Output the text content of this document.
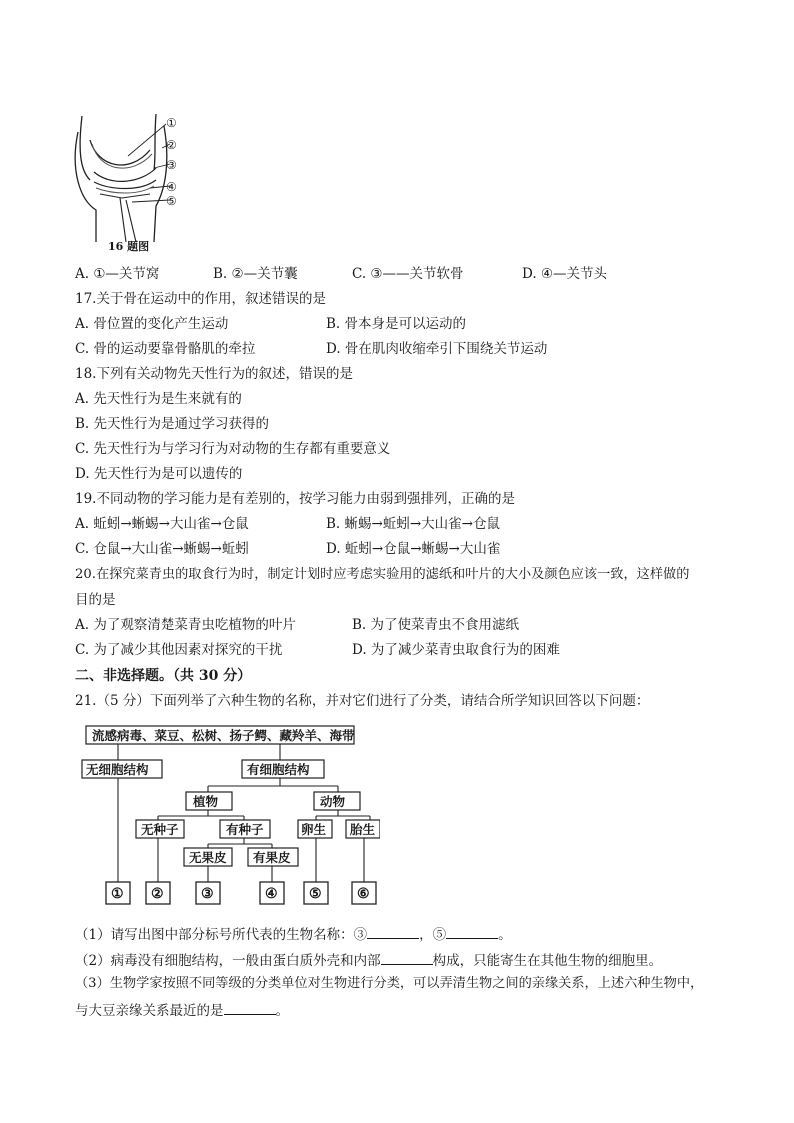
①
②
③
④
⑤
16 题图
A. ①—关节窝	B. ②—关节囊	C. ③——关节软骨	D. ④—关节头
17.关于骨在运动中的作用，叙述错误的是
A. 骨位置的变化产生运动	B. 骨本身是可以运动的
C. 骨的运动要靠骨骼肌的牵拉	D. 骨在肌肉收缩牵引下围绕关节运动
18.下列有关动物先天性行为的叙述，错误的是
A. 先天性行为是生来就有的
B. 先天性行为是通过学习获得的
C. 先天性行为与学习行为对动物的生存都有重要意义
D. 先天性行为是可以遗传的
19.不同动物的学习能力是有差别的，按学习能力由弱到强排列，正确的是
A. 蚯蚓→蜥蜴→大山雀→仓鼠	B. 蜥蜴→蚯蚓→大山雀→仓鼠
C. 仓鼠→大山雀→蜥蜴→蚯蚓	D. 蚯蚓→仓鼠→蜥蜴→大山雀
20.在探究菜青虫的取食行为时，制定计划时应考虑实验用的滤纸和叶片的大小及颜色应该一致，这样做的
目的是
A. 为了观察清楚菜青虫吃植物的叶片	B. 为了使菜青虫不食用滤纸
C. 为了减少其他因素对探究的干扰	D. 为了减少菜青虫取食行为的困难
二、非选择题。（共 30 分）
21.（5 分）下面列举了六种生物的名称，并对它们进行了分类，请结合所学知识回答以下问题：
流感病毒、菜豆、松树、扬子鳄、藏羚羊、海带
无细胞结构	有细胞结构
植物	动物
无种子	有种子	卵生 胎生
无果皮 有果皮
① ②	③	④ ⑤	⑥
（1）请写出图中部分标号所代表的生物名称：③	，⑤	。
（2）病毒没有细胞结构，一般由蛋白质外壳和内部	构成，只能寄生在其他生物的细胞里。
（3）生物学家按照不同等级的分类单位对生物进行分类，可以弄清生物之间的亲缘关系，上述六种生物中，
与大豆亲缘关系最近的是	。
